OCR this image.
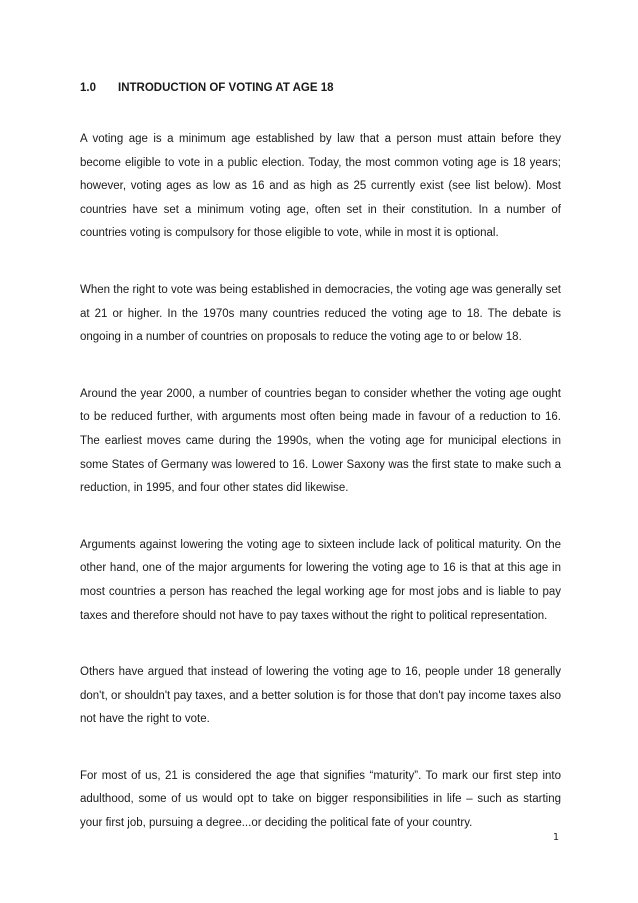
1.0 INTRODUCTION OF VOTING AT AGE 18

A voting age is a minimum age established by law that a person must attain before they become eligible to vote in a public election. Today, the most common voting age is 18 years; however, voting ages as low as 16 and as high as 25 currently exist (see list below). Most countries have set a minimum voting age, often set in their constitution. In a number of countries voting is compulsory for those eligible to vote, while in most it is optional.

When the right to vote was being established in democracies, the voting age was generally set at 21 or higher. In the 1970s many countries reduced the voting age to 18. The debate is ongoing in a number of countries on proposals to reduce the voting age to or below 18.

Around the year 2000, a number of countries began to consider whether the voting age ought to be reduced further, with arguments most often being made in favour of a reduction to 16. The earliest moves came during the 1990s, when the voting age for municipal elections in some States of Germany was lowered to 16. Lower Saxony was the first state to make such a reduction, in 1995, and four other states did likewise.

Arguments against lowering the voting age to sixteen include lack of political maturity. On the other hand, one of the major arguments for lowering the voting age to 16 is that at this age in most countries a person has reached the legal working age for most jobs and is liable to pay taxes and therefore should not have to pay taxes without the right to political representation.

Others have argued that instead of lowering the voting age to 16, people under 18 generally don't, or shouldn't pay taxes, and a better solution is for those that don't pay income taxes also not have the right to vote.

For most of us, 21 is considered the age that signifies “maturity”. To mark our first step into adulthood, some of us would opt to take on bigger responsibilities in life – such as starting your first job, pursuing a degree...or deciding the political fate of your country.

1
